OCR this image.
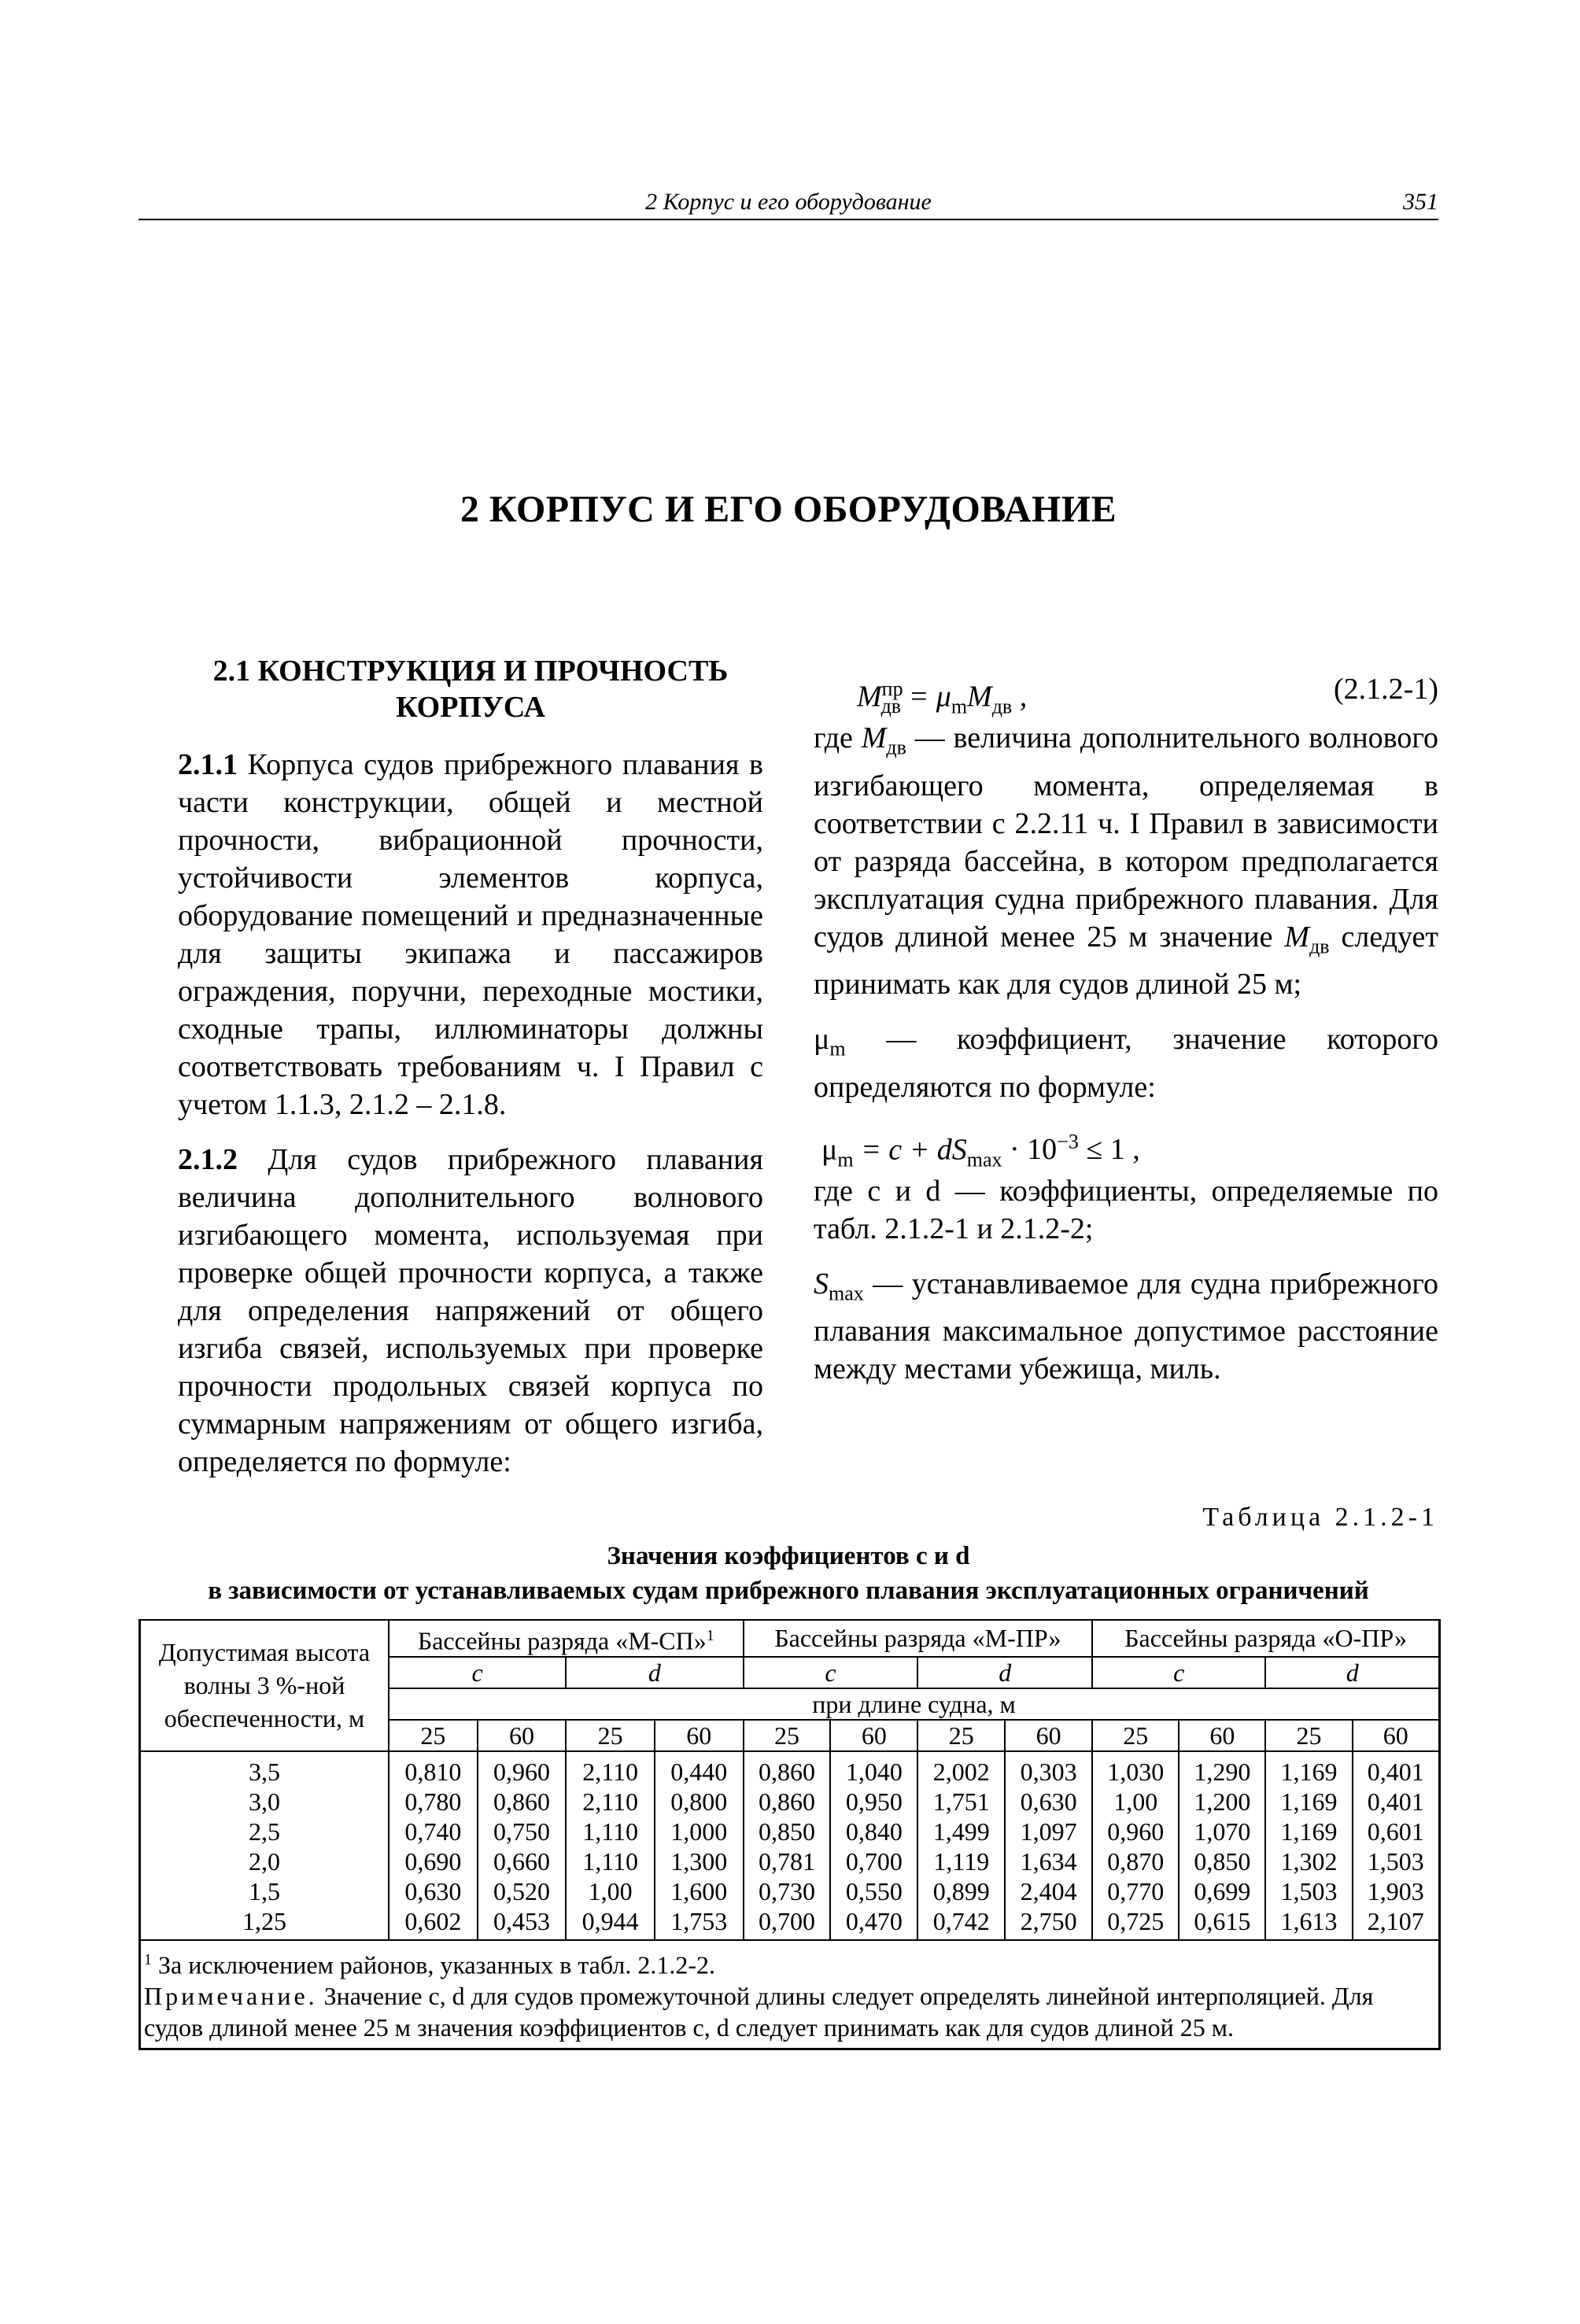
2 Корпус и его оборудование	351
2 КОРПУС И ЕГО ОБОРУДОВАНИЕ

2.1 КОНСТРУКЦИЯ И ПРОЧНОСТЬ
КОРПУСА

2.1.1 Корпуса судов прибрежного плавания в части конструкции, общей и местной прочности, вибрационной прочности, устойчивости элементов корпуса, оборудование помещений и предназначенные для защиты экипажа и пассажиров ограждения, поручни, переходные мостики, сходные трапы, иллюминаторы должны соответствовать требованиям ч. I Правил с учетом 1.1.3, 2.1.2 – 2.1.8.

2.1.2 Для судов прибрежного плавания величина дополнительного волнового изгибающего момента, используемая при проверке общей прочности корпуса, а также для определения напряжений от общего изгиба связей, используемых при проверке прочности продольных связей корпуса по суммарным напряжениям от общего изгиба, определяется по формуле:

$M^{пр}_{дв} = \mu_mM_{дв}$ ,	(2.1.2-1)

где $M_{дв}$ — величина дополнительного волнового изгибающего момента, определяемая в соответствии с 2.2.11 ч. I Правил в зависимости от разряда бассейна, в котором предполагается эксплуатация судна прибрежного плавания. Для судов длиной менее 25 м значение $M_{дв}$ следует принимать как для судов длиной 25 м;

$\mu_m$ — коэффициент, значение которого определяются по формуле:

$\mu_m = c + dS_{max} \cdot 10^{-3} \le 1$ ,

где c и d — коэффициенты, определяемые по табл. 2.1.2-1 и 2.1.2-2;

$S_{max}$ — устанавливаемое для судна прибрежного плавания максимальное допустимое расстояние между местами убежища, миль.

Таблица 2.1.2-1
Значения коэффициентов c и d
в зависимости от устанавливаемых судам прибрежного плавания эксплуатационных ограничений
Допустимая высота волны 3 %-ной обеспеченности, м	Бассейны разряда «М-СП»$^1$				Бассейны разряда «М-ПР»				Бассейны разряда «О-ПР»			
	c		d		c		d		c		d	
	при длине судна, м											
	25	60	25	60	25	60	25	60	25	60	25	60
3,5	0,810	0,960	2,110	0,440	0,860	1,040	2,002	0,303	1,030	1,290	1,169	0,401
3,0	0,780	0,860	2,110	0,800	0,860	0,950	1,751	0,630	1,00	1,200	1,169	0,401
2,5	0,740	0,750	1,110	1,000	0,850	0,840	1,499	1,097	0,960	1,070	1,169	0,601
2,0	0,690	0,660	1,110	1,300	0,781	0,700	1,119	1,634	0,870	0,850	1,302	1,503
1,5	0,630	0,520	1,00	1,600	0,730	0,550	0,899	2,404	0,770	0,699	1,503	1,903
1,25	0,602	0,453	0,944	1,753	0,700	0,470	0,742	2,750	0,725	0,615	1,613	2,107

$^1$ За исключением районов, указанных в табл. 2.1.2-2.

Примечание. Значение c, d для судов промежуточной длины следует определять линейной интерполяцией. Для судов длиной менее 25 м значения коэффициентов c, d следует принимать как для судов длиной 25 м.												
